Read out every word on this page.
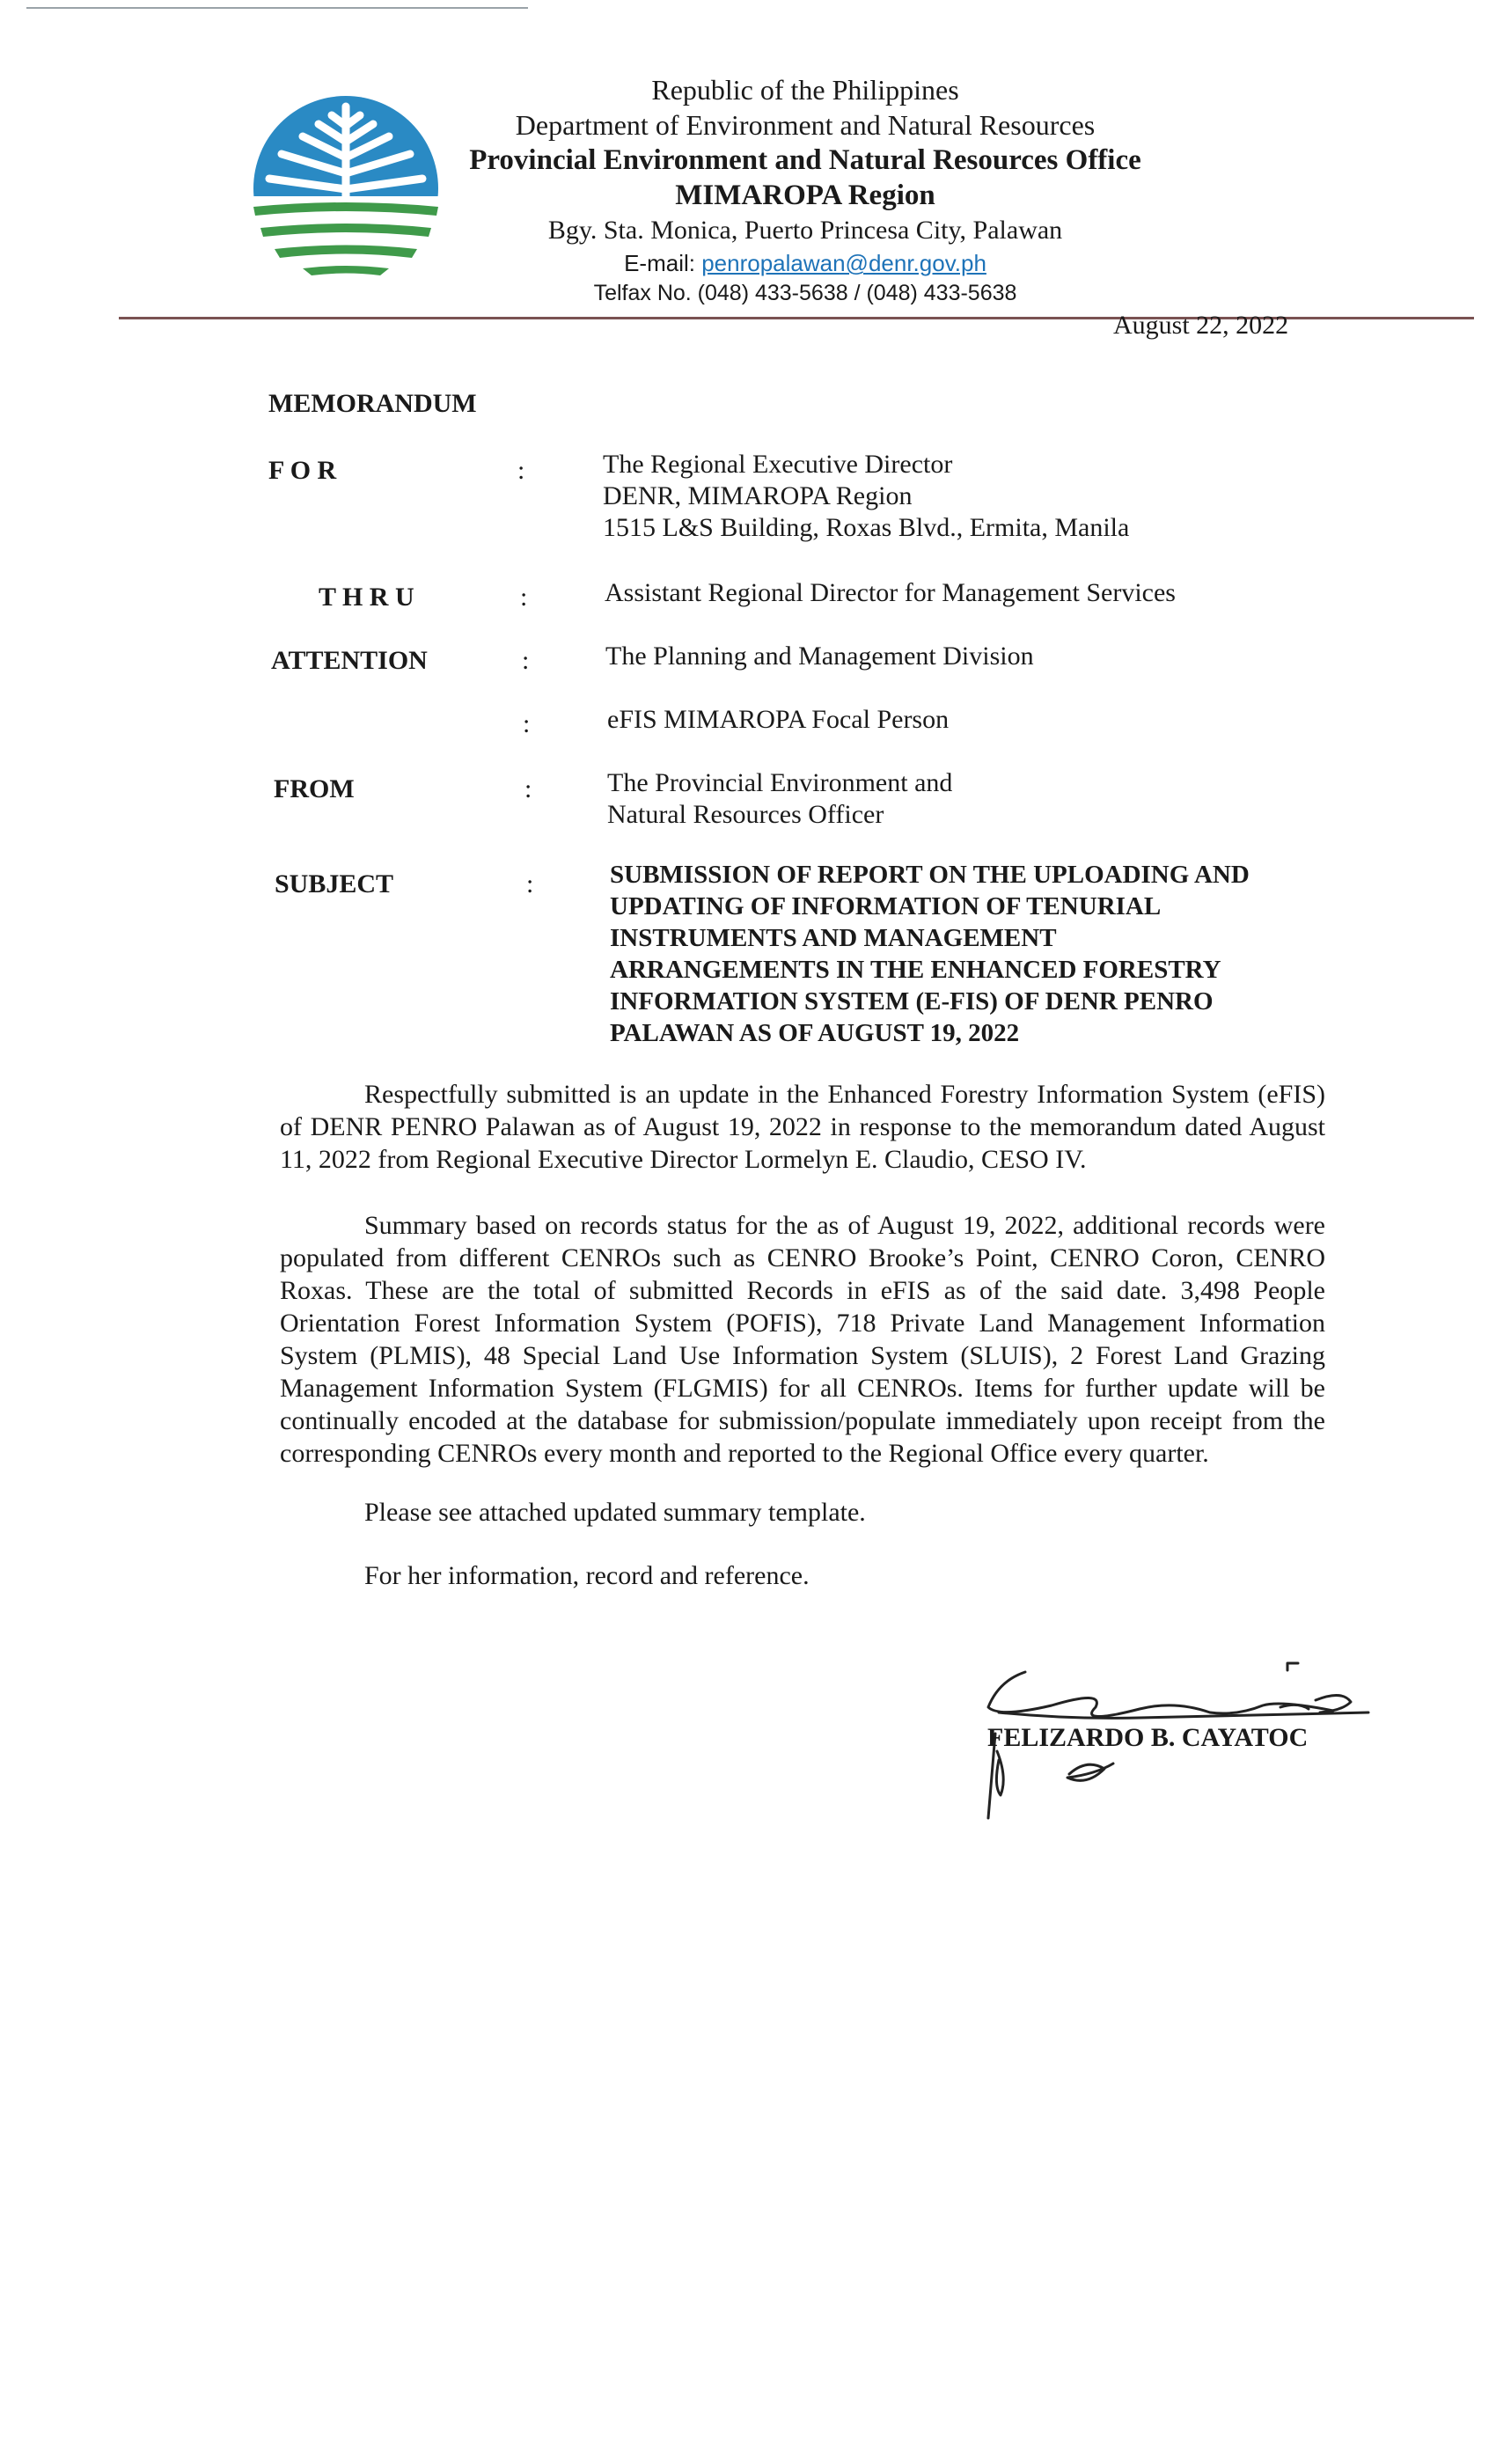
Republic of the Philippines
Department of Environment and Natural Resources
Provincial Environment and Natural Resources Office
MIMAROPA Region
Bgy. Sta. Monica, Puerto Princesa City, Palawan
E-mail: penropalawan@denr.gov.ph
Telfax No. (048) 433-5638 / (048) 433-5638
August 22, 2022
MEMORANDUM
F O R	:	The Regional Executive Director
DENR, MIMAROPA Region
1515 L&S Building, Roxas Blvd., Ermita, Manila
T H R U	:	Assistant Regional Director for Management Services
ATTENTION	:	The Planning and Management Division
:	eFIS MIMAROPA Focal Person
FROM	:	The Provincial Environment and
Natural Resources Officer
SUBJECT	:	SUBMISSION OF REPORT ON THE UPLOADING AND
UPDATING OF INFORMATION OF TENURIAL
INSTRUMENTS AND MANAGEMENT
ARRANGEMENTS IN THE ENHANCED FORESTRY
INFORMATION SYSTEM (E-FIS) OF DENR PENRO
PALAWAN AS OF AUGUST 19, 2022
Respectfully submitted is an update in the Enhanced Forestry Information System (eFIS) of DENR PENRO Palawan as of August 19, 2022 in response to the memorandum dated August 11, 2022 from Regional Executive Director Lormelyn E. Claudio, CESO IV.
Summary based on records status for the as of August 19, 2022, additional records were populated from different CENROs such as CENRO Brooke’s Point, CENRO Coron, CENRO Roxas. These are the total of submitted Records in eFIS as of the said date. 3,498 People Orientation Forest Information System (POFIS), 718 Private Land Management Information System (PLMIS), 48 Special Land Use Information System (SLUIS), 2 Forest Land Grazing Management Information System (FLGMIS) for all CENROs. Items for further update will be continually encoded at the database for submission/populate immediately upon receipt from the corresponding CENROs every month and reported to the Regional Office every quarter.
Please see attached updated summary template.
For her information, record and reference.
FELIZARDO B. CAYATOC
